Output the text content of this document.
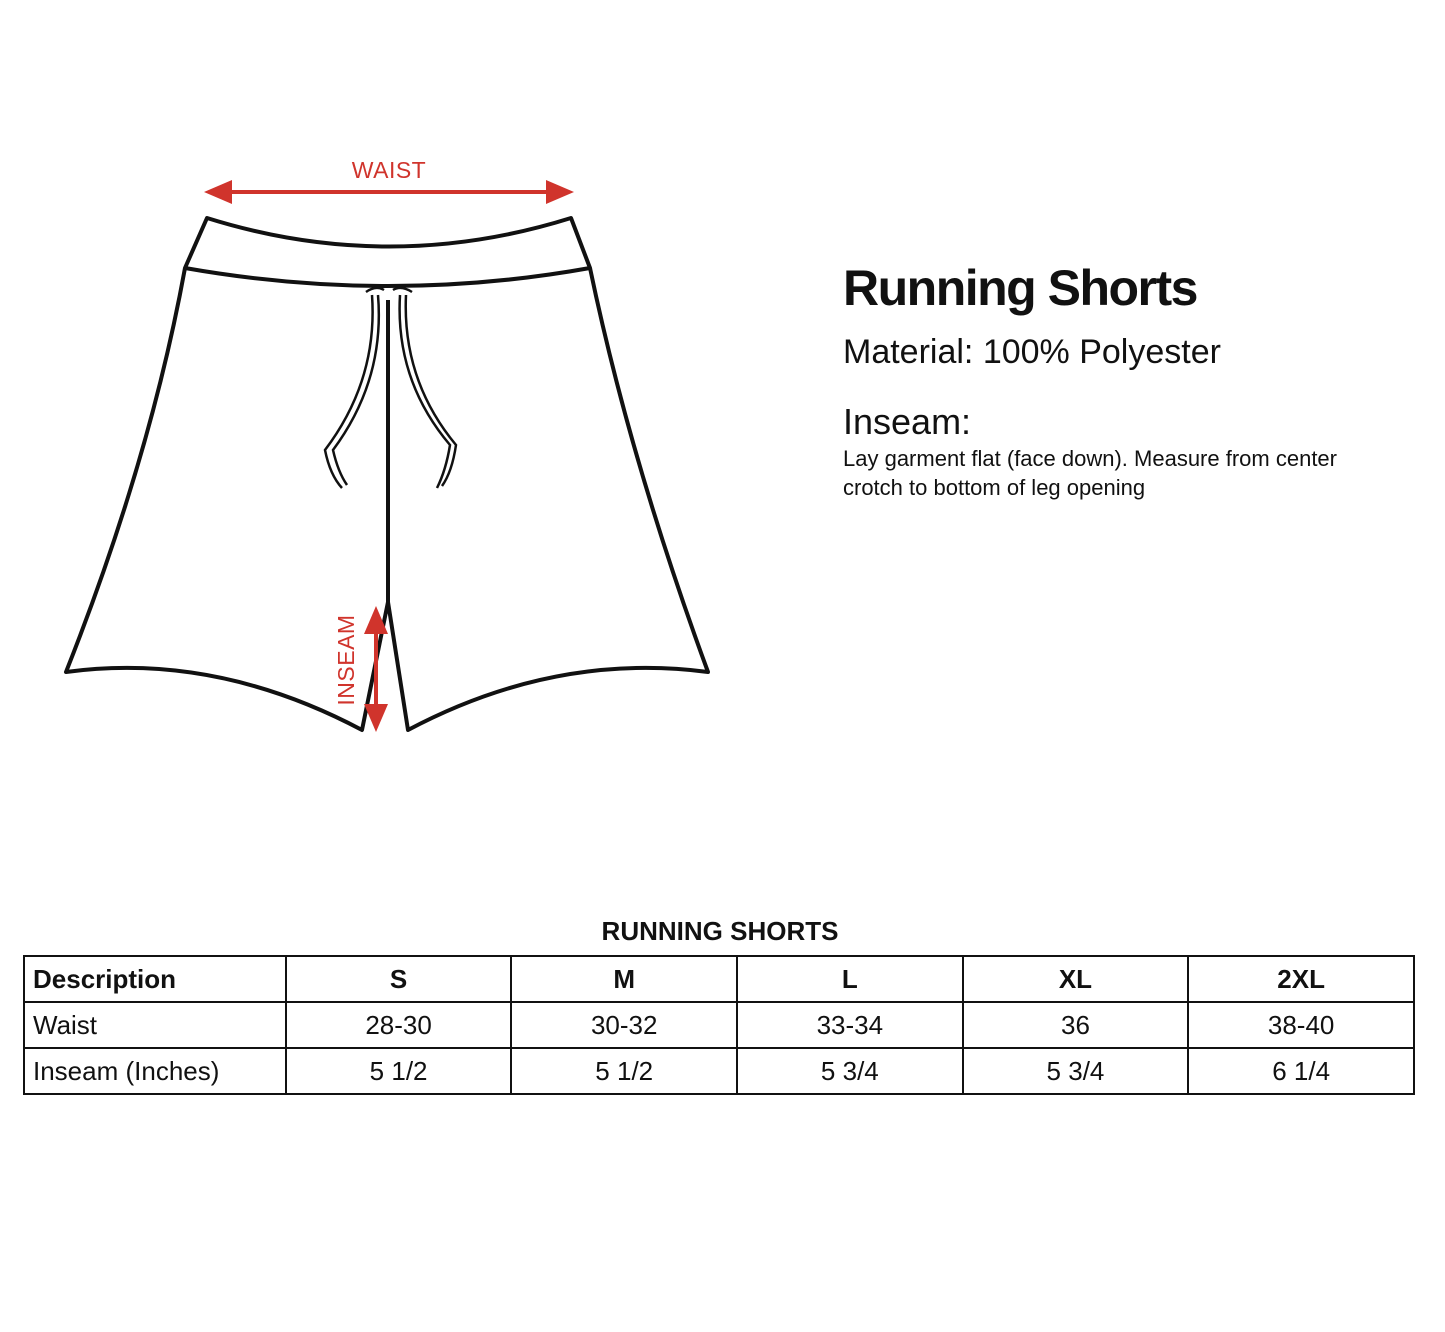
WAIST
INSEAM
Running Shorts
Material: 100% Polyester
Inseam:
Lay garment flat (face down). Measure from center
crotch to bottom of leg opening
RUNNING SHORTS
Description	S	M	L	XL	2XL
Waist	28-30	30-32	33-34	36	38-40
Inseam (Inches)	5 1/2	5 1/2	5 3/4	5 3/4	6 1/4
